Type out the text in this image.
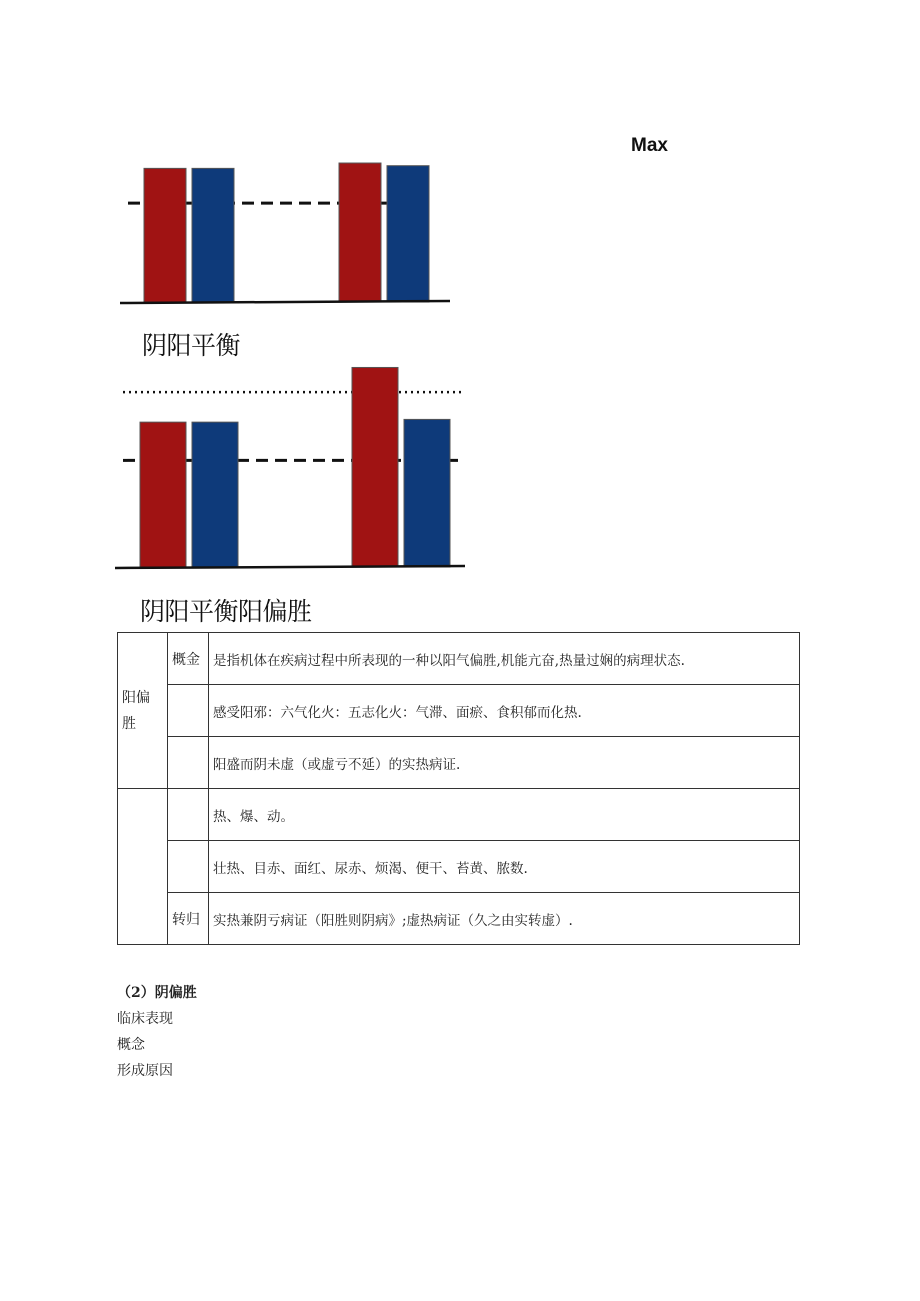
Max
阴阳平衡
阴阳平衡阳偏胜
阳偏胜	概金	是指机体在疾病过程中所表现的一种以阳气偏胜,机能亢奋,热量过娴的病理状态.
		感受阳邪：六气化火：五志化火：气滞、面瘀、食积郁而化热.
		阳盛而阴未虚（或虚亏不延）的实热病证.
		热、爆、动。
		壮热、目赤、面红、尿赤、烦渴、便干、苔黄、脓数.
	转归	实热兼阴亏病证（阳胜则阴病》;虚热病证（久之由实转虚）.
（2）阴偏胜
临床表现
概念
形成原因
